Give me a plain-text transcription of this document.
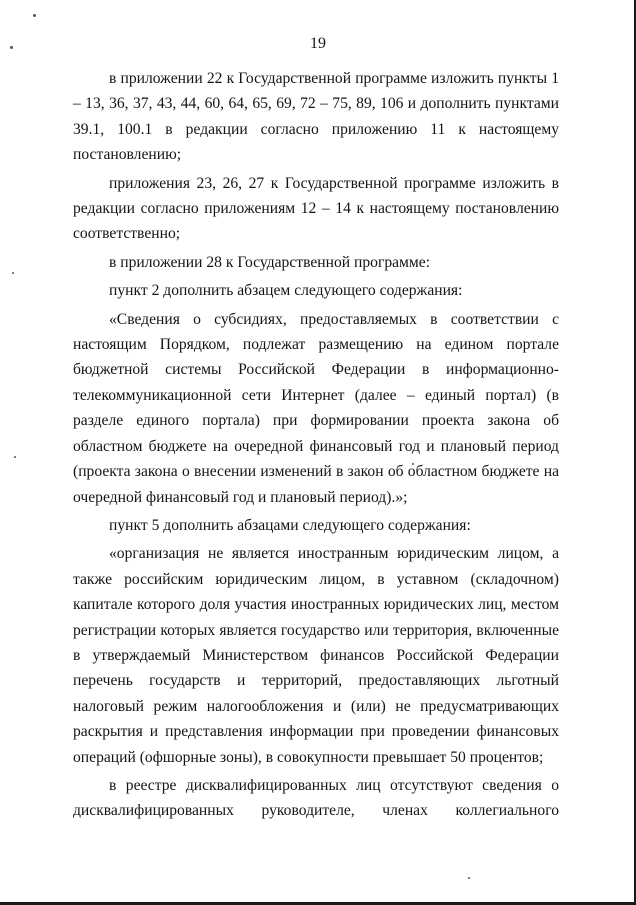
19

в приложении 22 к Государственной программе изложить пункты 1 – 13, 36, 37, 43, 44, 60, 64, 65, 69, 72 – 75, 89, 106 и дополнить пунктами 39.1, 100.1 в редакции согласно приложению 11 к настоящему постановлению;

приложения 23, 26, 27 к Государственной программе изложить в редакции согласно приложениям 12 – 14 к настоящему постановлению соответственно;

в приложении 28 к Государственной программе:

пункт 2 дополнить абзацем следующего содержания:

«Сведения о субсидиях, предоставляемых в соответствии с настоящим Порядком, подлежат размещению на едином портале бюджетной системы Российской Федерации в информационно-телекоммуникационной сети Интернет (далее – единый портал) (в разделе единого портала) при формировании проекта закона об областном бюджете на очередной финансовый год и плановый период (проекта закона о внесении изменений в закон об областном бюджете на очередной финансовый год и плановый период).»;

пункт 5 дополнить абзацами следующего содержания:

«организация не является иностранным юридическим лицом, а также российским юридическим лицом, в уставном (складочном) капитале которого доля участия иностранных юридических лиц, местом регистрации которых является государство или территория, включенные в утверждаемый Министерством финансов Российской Федерации перечень государств и территорий, предоставляющих льготный налоговый режим налогообложения и (или) не предусматривающих раскрытия и представления информации при проведении финансовых операций (офшорные зоны), в совокупности превышает 50 процентов;

в реестре дисквалифицированных лиц отсутствуют сведения о дисквалифицированных руководителе, членах коллегиального
